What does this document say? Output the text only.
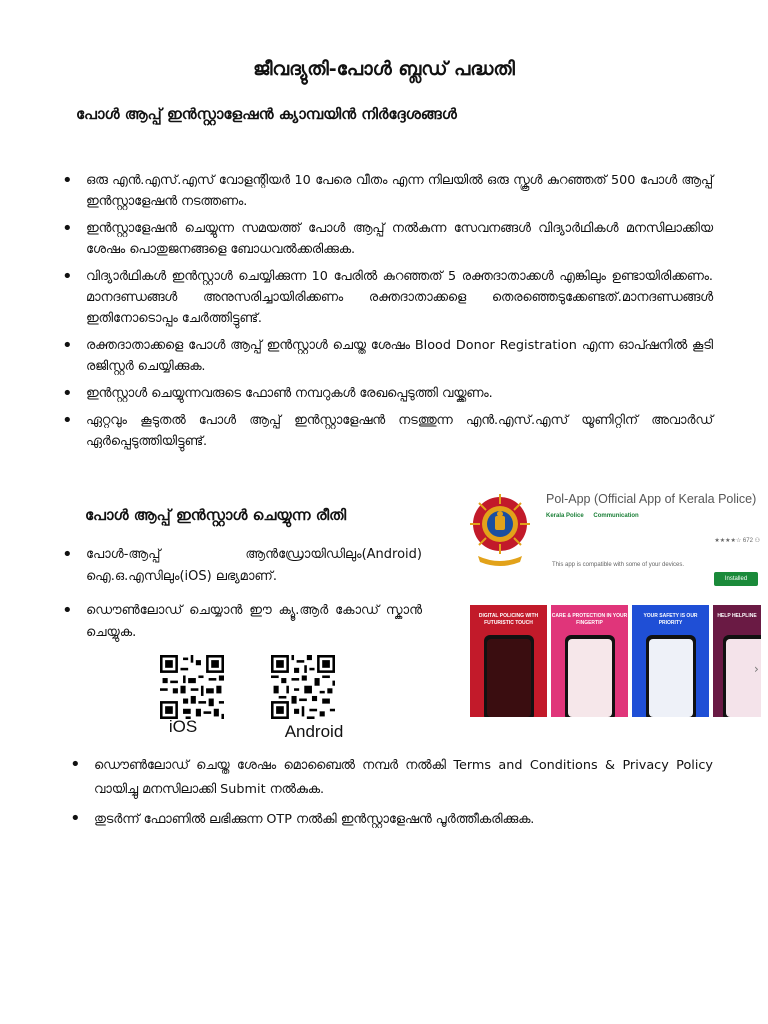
ജീവദ്യുതി-പോൾ ബ്ലഡ് പദ്ധതി
പോൾ ആപ്പ് ഇൻസ്റ്റാളേഷൻ ക്യാമ്പയിൻ നിർദ്ദേശങ്ങൾ
• ഒരു എൻ.എസ്.എസ് വോളന്റിയർ 10 പേരെ വീതം എന്ന നിലയിൽ ഒരു സ്കൂൾ കുറഞ്ഞത് 500 പോൾ ആപ്പ് ഇൻസ്റ്റാളേഷൻ നടത്തണം.
• ഇൻസ്റ്റാളേഷൻ ചെയ്യുന്ന സമയത്ത് പോൾ ആപ്പ് നൽകുന്ന സേവനങ്ങൾ വിദ്യാർഥികൾ മനസിലാക്കിയ ശേഷം പൊതുജനങ്ങളെ ബോധവൽക്കരിക്കുക.
• വിദ്യാർഥികൾ ഇൻസ്റ്റാൾ ചെയ്യിക്കുന്ന 10 പേരിൽ കുറഞ്ഞത് 5 രക്തദാതാക്കൾ എങ്കിലും ഉണ്ടായിരിക്കണം. മാനദണ്ഡങ്ങൾ അനുസരിച്ചായിരിക്കണം രക്തദാതാക്കളെ തെരഞ്ഞെടുക്കേണ്ടത്.മാനദണ്ഡങ്ങൾ ഇതിനോടൊപ്പം ചേർത്തിട്ടുണ്ട്.
• രക്തദാതാക്കളെ പോൾ ആപ്പ് ഇൻസ്റ്റാൾ ചെയ്ത ശേഷം Blood Donor Registration എന്ന ഓപ്ഷനിൽ കൂടി രജിസ്റ്റർ ചെയ്യിക്കുക.
• ഇൻസ്റ്റാൾ ചെയ്യുന്നവരുടെ ഫോൺ നമ്പറുകൾ രേഖപ്പെടുത്തി വയ്ക്കണം.
• ഏറ്റവും കൂടുതൽ പോൾ ആപ്പ് ഇൻസ്റ്റാളേഷൻ നടത്തുന്ന എൻ.എസ്.എസ് യൂണിറ്റിന് അവാർഡ് ഏർപ്പെടുത്തിയിട്ടുണ്ട്.
പോൾ ആപ്പ് ഇൻസ്റ്റാൾ ചെയ്യുന്ന രീതി
• പോൾ-ആപ്പ് ആൻഡ്രോയിഡിലും(Android) ഐ.ഒ.എസിലും(iOS) ലഭ്യമാണ്.
• ഡൌൺലോഡ് ചെയ്യാൻ ഈ ക്യൂ.ആർ കോഡ് സ്കാൻ ചെയ്യുക.
iOS	Android
• ഡൌൺലോഡ് ചെയ്ത ശേഷം മൊബൈൽ നമ്പർ നൽകി Terms and Conditions & Privacy Policy വായിച്ചു മനസിലാക്കി Submit നൽകുക.
• തുടർന്ന് ഫോണിൽ ലഭിക്കുന്ന OTP നൽകി ഇൻസ്റ്റാളേഷൻ പൂർത്തീകരിക്കുക.
Pol-App (Official App of Kerala Police)
Kerala Police Communication
★★★★☆ 672 ⚇
This app is compatible with some of your devices.
Installed
DIGITAL POLICING WITH FUTURISTIC TOUCH
CARE & PROTECTION IN YOUR FINGERTIP
YOUR SAFETY IS OUR PRIORITY
HELP HELPLINE
›
